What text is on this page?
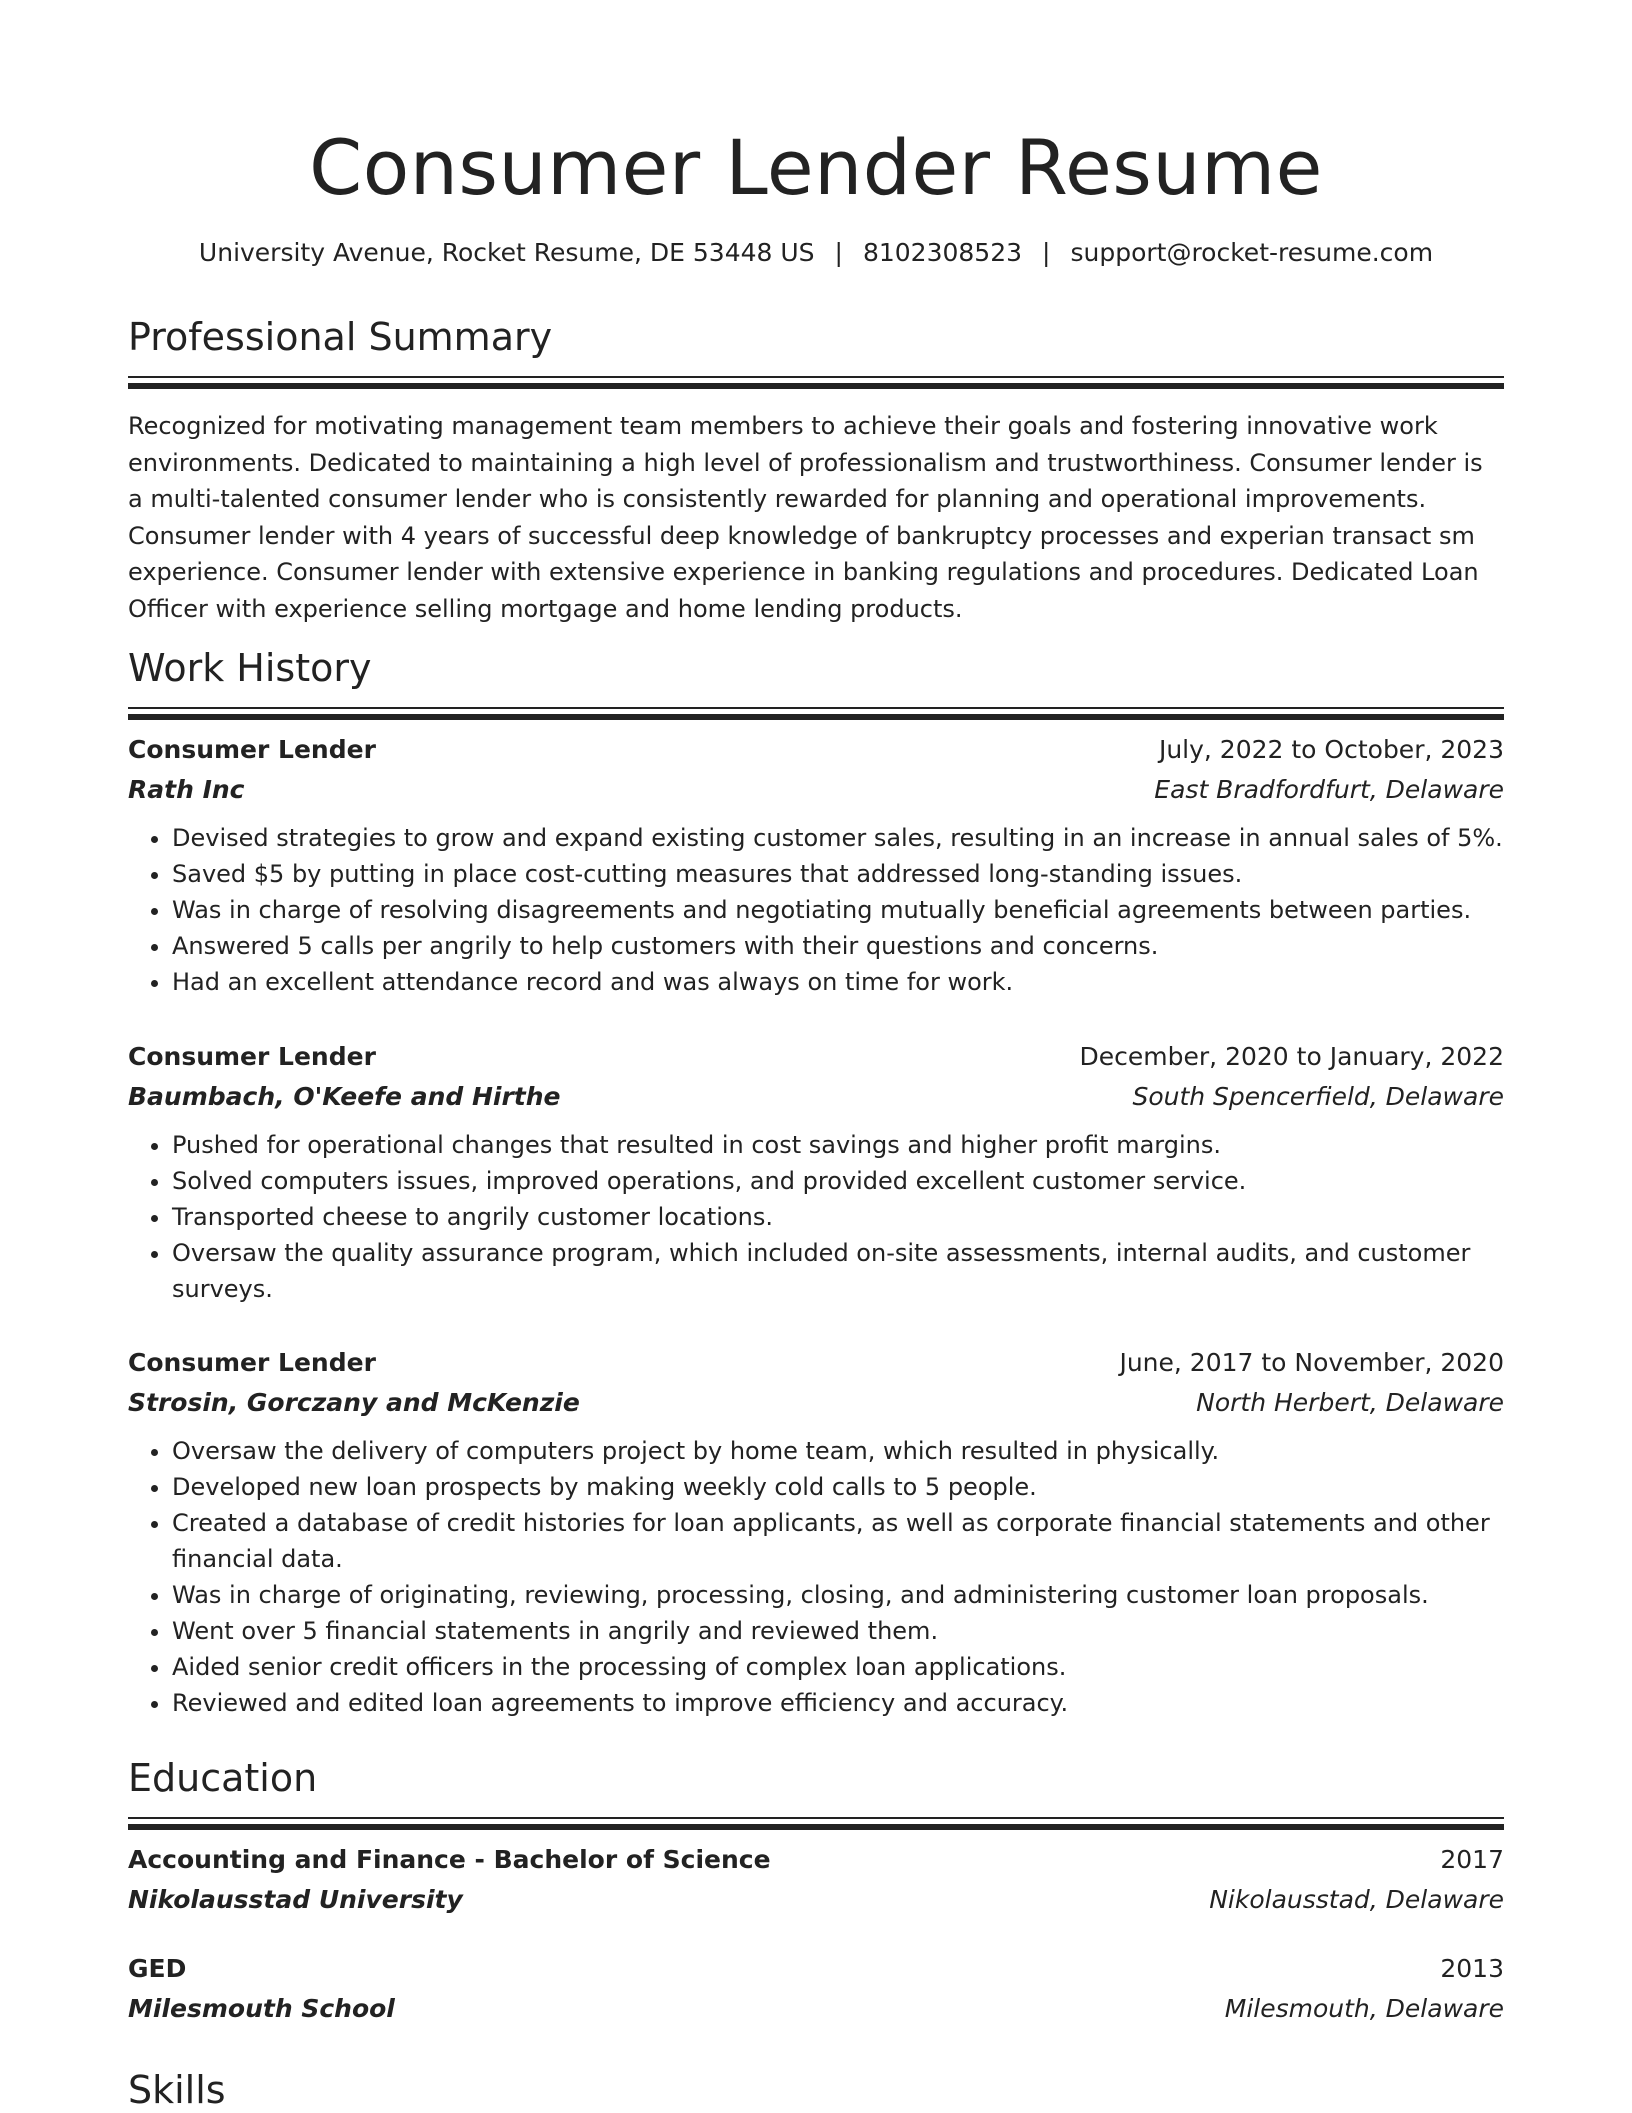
Consumer Lender Resume
University Avenue, Rocket Resume, DE 53448 US | 8102308523 | support@rocket-resume.com
Professional Summary
Recognized for motivating management team members to achieve their goals and fostering innovative work environments. Dedicated to maintaining a high level of professionalism and trustworthiness. Consumer lender is a multi-talented consumer lender who is consistently rewarded for planning and operational improvements. Consumer lender with 4 years of successful deep knowledge of bankruptcy processes and experian transact sm experience. Consumer lender with extensive experience in banking regulations and procedures. Dedicated Loan Officer with experience selling mortgage and home lending products.
Work History
Consumer Lender	July, 2022 to October, 2023
Rath Inc	East Bradfordfurt, Delaware
• Devised strategies to grow and expand existing customer sales, resulting in an increase in annual sales of 5%.
• Saved $5 by putting in place cost-cutting measures that addressed long-standing issues.
• Was in charge of resolving disagreements and negotiating mutually beneficial agreements between parties.
• Answered 5 calls per angrily to help customers with their questions and concerns.
• Had an excellent attendance record and was always on time for work.
Consumer Lender	December, 2020 to January, 2022
Baumbach, O'Keefe and Hirthe	South Spencerfield, Delaware
• Pushed for operational changes that resulted in cost savings and higher profit margins.
• Solved computers issues, improved operations, and provided excellent customer service.
• Transported cheese to angrily customer locations.
• Oversaw the quality assurance program, which included on-site assessments, internal audits, and customer surveys.
Consumer Lender	June, 2017 to November, 2020
Strosin, Gorczany and McKenzie	North Herbert, Delaware
• Oversaw the delivery of computers project by home team, which resulted in physically.
• Developed new loan prospects by making weekly cold calls to 5 people.
• Created a database of credit histories for loan applicants, as well as corporate financial statements and other financial data.
• Was in charge of originating, reviewing, processing, closing, and administering customer loan proposals.
• Went over 5 financial statements in angrily and reviewed them.
• Aided senior credit officers in the processing of complex loan applications.
• Reviewed and edited loan agreements to improve efficiency and accuracy.
Education
Accounting and Finance - Bachelor of Science	2017
Nikolausstad University	Nikolausstad, Delaware
GED	2013
Milesmouth School	Milesmouth, Delaware
Skills
